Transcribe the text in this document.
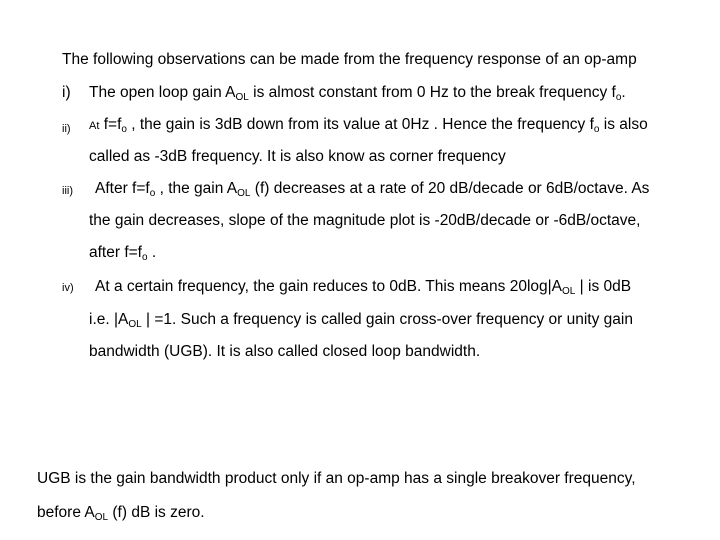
The following observations can be made from the frequency response of an op-amp
i) The open loop gain $A_{OL}$ is almost constant from 0 Hz to the break frequency $f_o$.
ii) At $f=f_o$ , the gain is 3dB down from its value at 0Hz . Hence the frequency $f_o$ is also
called as -3dB frequency. It is also know as corner frequency
iii) After $f=f_o$ , the gain $A_{OL}$ (f) decreases at a rate of 20 dB/decade or 6dB/octave. As
the gain decreases, slope of the magnitude plot is -20dB/decade or -6dB/octave,
after $f=f_o$ .
iv) At a certain frequency, the gain reduces to 0dB. This means $20\log|A_{OL}$ | is 0dB
i.e. $|A_{OL}$ | =1. Such a frequency is called gain cross-over frequency or unity gain
bandwidth (UGB). It is also called closed loop bandwidth.
UGB is the gain bandwidth product only if an op-amp has a single breakover frequency,
before $A_{OL}$ (f) dB is zero.
